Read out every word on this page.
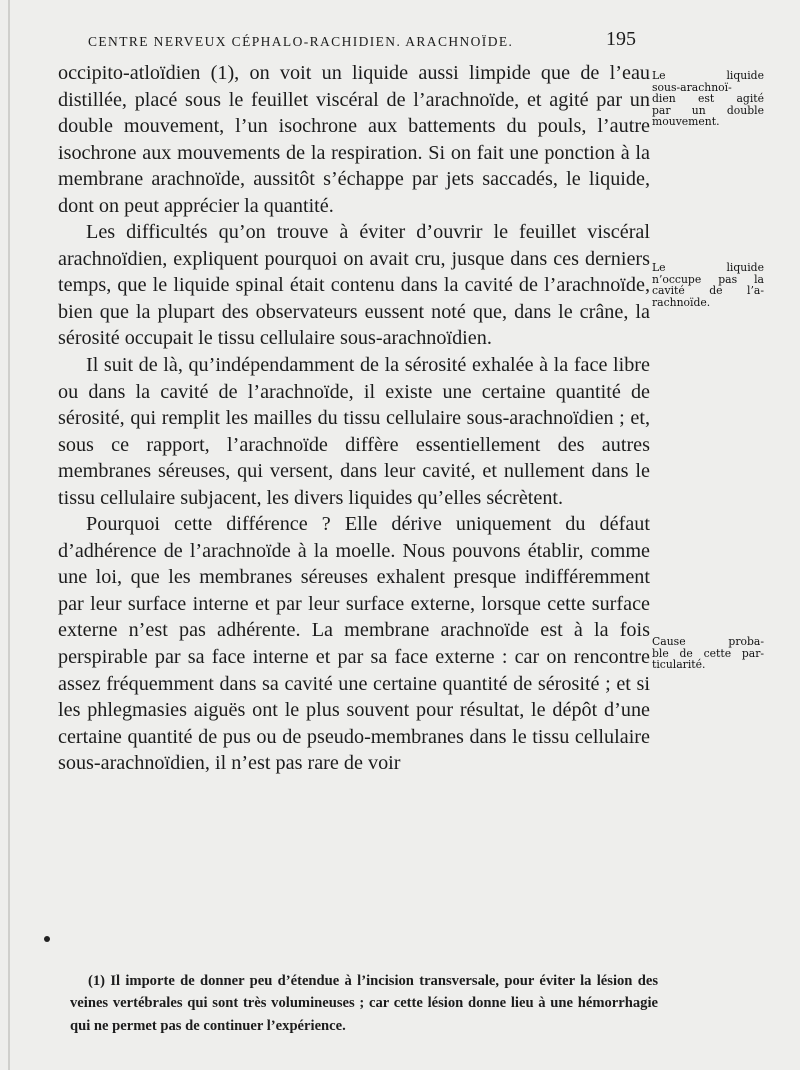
CENTRE NERVEUX CÉPHALO-RACHIDIEN. ARACHNOÏDE.	195

occipito-atloïdien (1), on voit un liquide aussi limpide que de l’eau distillée, placé sous le feuillet viscéral de l’arachnoïde, et agité par un double mouvement, l’un isochrone aux battements du pouls, l’autre isochrone aux mouvements de la respiration. Si on fait une ponction à la membrane arachnoïde, aussitôt s’échappe par jets saccadés, le liquide, dont on peut apprécier la quantité.

Les difficultés qu’on trouve à éviter d’ouvrir le feuillet viscéral arachnoïdien, expliquent pourquoi on avait cru, jusque dans ces derniers temps, que le liquide spinal était contenu dans la cavité de l’arachnoïde, bien que la plupart des observateurs eussent noté que, dans le crâne, la sérosité occupait le tissu cellulaire sous-arachnoïdien.

Il suit de là, qu’indépendamment de la sérosité exhalée à la face libre ou dans la cavité de l’arachnoïde, il existe une certaine quantité de sérosité, qui remplit les mailles du tissu cellulaire sous-arachnoïdien ; et, sous ce rapport, l’arachnoïde diffère essentiellement des autres membranes séreuses, qui versent, dans leur cavité, et nullement dans le tissu cellulaire subjacent, les divers liquides qu’elles sécrètent.

Pourquoi cette différence ? Elle dérive uniquement du défaut d’adhérence de l’arachnoïde à la moelle. Nous pouvons établir, comme une loi, que les membranes séreuses exhalent presque indifféremment par leur surface interne et par leur surface externe, lorsque cette surface externe n’est pas adhérente. La membrane arachnoïde est à la fois perspirable par sa face interne et par sa face externe : car on rencontre assez fréquemment dans sa cavité une certaine quantité de sérosité ; et si les phlegmasies aiguës ont le plus souvent pour résultat, le dépôt d’une certaine quantité de pus ou de pseudo-membranes dans le tissu cellulaire sous-arachnoïdien, il n’est pas rare de voir

Le liquide
sous-arachnoï-
dien est agité
par un double
mouvement.
Le liquide
n’occupe pas la
cavité de l’a-
rachnoïde.
Cause proba-
ble de cette par-
ticularité.

(1) Il importe de donner peu d’étendue à l’incision transversale, pour éviter la lésion des veines vertébrales qui sont très volumineuses ; car cette lésion donne lieu à une hémorrhagie qui ne permet pas de continuer l’expérience.
